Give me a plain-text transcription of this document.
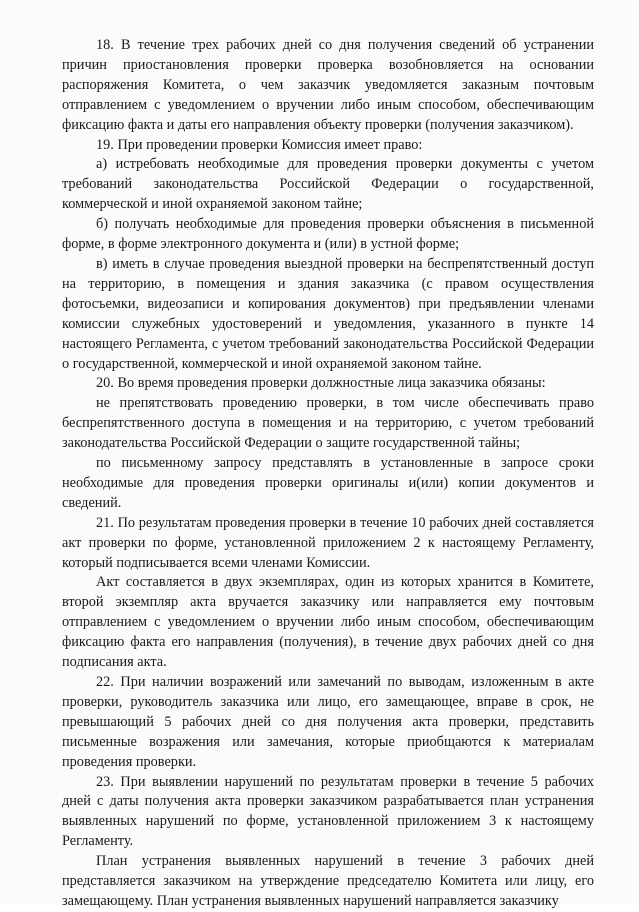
18. В течение трех рабочих дней со дня получения сведений об устранении причин приостановления проверки проверка возобновляется на основании распоряжения Комитета, о чем заказчик уведомляется заказным почтовым отправлением с уведомлением о вручении либо иным способом, обеспечивающим фиксацию факта и даты его направления объекту проверки (получения заказчиком).

19. При проведении проверки Комиссия имеет право:

а) истребовать необходимые для проведения проверки документы с учетом требований законодательства Российской Федерации о государственной, коммерческой и иной охраняемой законом тайне;

б) получать необходимые для проведения проверки объяснения в письменной форме, в форме электронного документа и (или) в устной форме;

в) иметь в случае проведения выездной проверки на беспрепятственный доступ на территорию, в помещения и здания заказчика (с правом осуществления фотосъемки, видеозаписи и копирования документов) при предъявлении членами комиссии служебных удостоверений и уведомления, указанного в пункте 14 настоящего Регламента, с учетом требований законодательства Российской Федерации о государственной, коммерческой и иной охраняемой законом тайне.

20. Во время проведения проверки должностные лица заказчика обязаны:

не препятствовать проведению проверки, в том числе обеспечивать право беспрепятственного доступа в помещения и на территорию, с учетом требований законодательства Российской Федерации о защите государственной тайны;

по письменному запросу представлять в установленные в запросе сроки необходимые для проведения проверки оригиналы и(или) копии документов и сведений.

21. По результатам проведения проверки в течение 10 рабочих дней составляется акт проверки по форме, установленной приложением 2 к настоящему Регламенту, который подписывается всеми членами Комиссии.

Акт составляется в двух экземплярах, один из которых хранится в Комитете, второй экземпляр акта вручается заказчику или направляется ему почтовым отправлением с уведомлением о вручении либо иным способом, обеспечивающим фиксацию факта его направления (получения), в течение двух рабочих дней со дня подписания акта.

22. При наличии возражений или замечаний по выводам, изложенным в акте проверки, руководитель заказчика или лицо, его замещающее, вправе в срок, не превышающий 5 рабочих дней со дня получения акта проверки, представить письменные возражения или замечания, которые приобщаются к материалам проведения проверки.

23. При выявлении нарушений по результатам проверки в течение 5 рабочих дней с даты получения акта проверки заказчиком разрабатывается план устранения выявленных нарушений по форме, установленной приложением 3 к настоящему Регламенту.

План устранения выявленных нарушений в течение 3 рабочих дней представляется заказчиком на утверждение председателю Комитета или лицу, его замещающему. План устранения выявленных нарушений направляется заказчику
